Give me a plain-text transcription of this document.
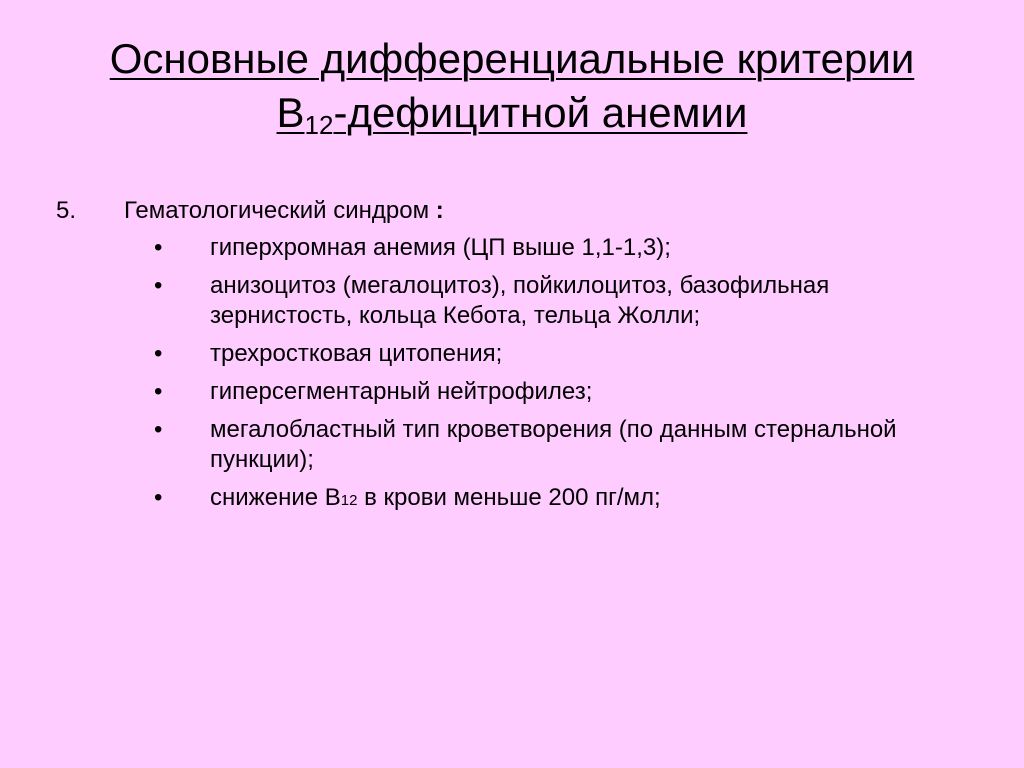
Основные дифференциальные критерии
$B_{12}$-дефицитной анемии
5. Гематологический синдром :
• гиперхромная анемия (ЦП выше 1,1-1,3);
• анизоцитоз (мегалоцитоз), пойкилоцитоз, базофильная зернистость, кольца Кебота, тельца Жолли;
• трехростковая цитопения;
• гиперсегментарный нейтрофилез;
• мегалобластный тип кроветворения (по данным стернальной пункции);
• снижение В12 в крови меньше 200 пг/мл;
